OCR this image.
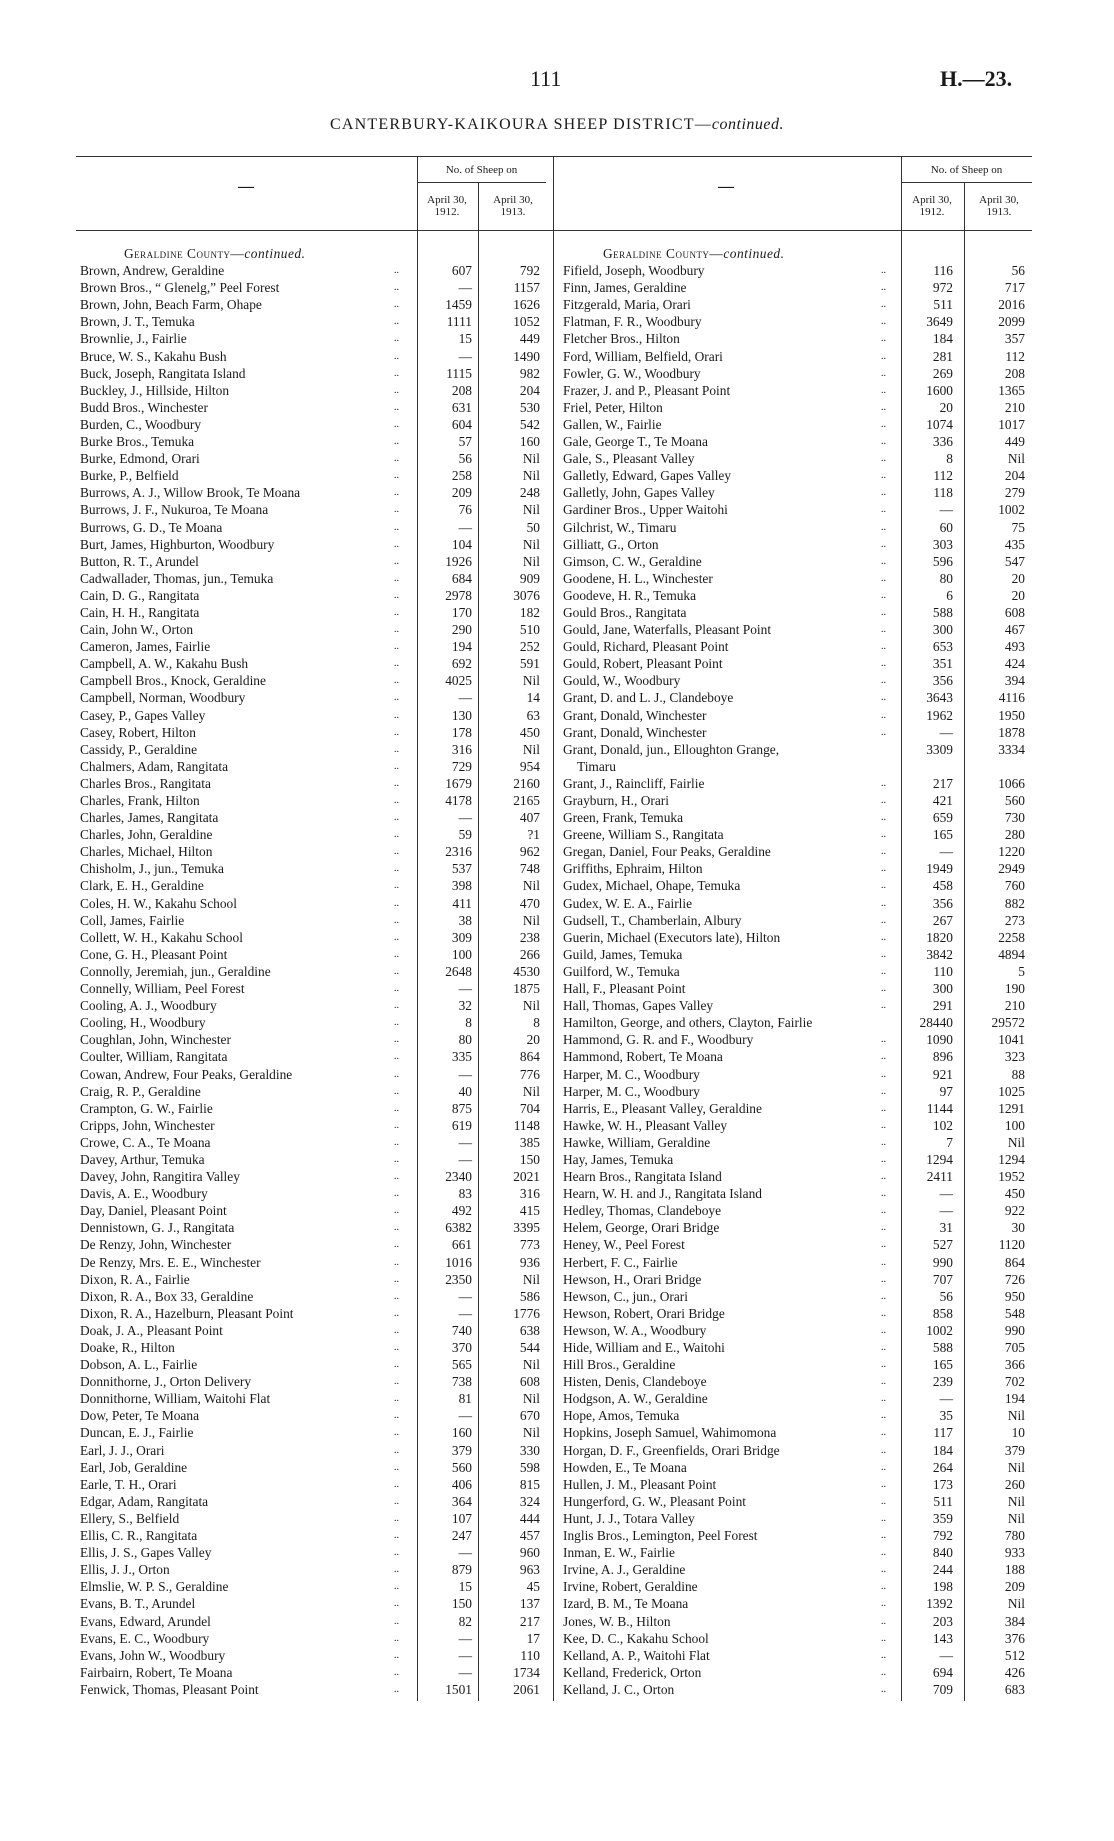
111	H.—23.
CANTERBURY-KAIKOURA SHEEP DISTRICT—continued.
—
No. of Sheep on
April 30, 1912.
April 30, 1913.
—
No. of Sheep on
April 30, 1912.
April 30, 1913.
Geraldine County—continued.
Brown, Andrew, Geraldine	..	607	792
Brown Bros., “ Glenelg,” Peel Forest	..	—	1157
Brown, John, Beach Farm, Ohape	..	1459	1626
Brown, J. T., Temuka	..	1111	1052
Brownlie, J., Fairlie	..	15	449
Bruce, W. S., Kakahu Bush	..	—	1490
Buck, Joseph, Rangitata Island	..	1115	982
Buckley, J., Hillside, Hilton	..	208	204
Budd Bros., Winchester	..	631	530
Burden, C., Woodbury	..	604	542
Burke Bros., Temuka	..	57	160
Burke, Edmond, Orari	..	56	Nil
Burke, P., Belfield	..	258	Nil
Burrows, A. J., Willow Brook, Te Moana	..	209	248
Burrows, J. F., Nukuroa, Te Moana	..	76	Nil
Burrows, G. D., Te Moana	..	—	50
Burt, James, Highburton, Woodbury	..	104	Nil
Button, R. T., Arundel	..	1926	Nil
Cadwallader, Thomas, jun., Temuka	..	684	909
Cain, D. G., Rangitata	..	2978	3076
Cain, H. H., Rangitata	..	170	182
Cain, John W., Orton	..	290	510
Cameron, James, Fairlie	..	194	252
Campbell, A. W., Kakahu Bush	..	692	591
Campbell Bros., Knock, Geraldine	..	4025	Nil
Campbell, Norman, Woodbury	..	—	14
Casey, P., Gapes Valley	..	130	63
Casey, Robert, Hilton	..	178	450
Cassidy, P., Geraldine	..	316	Nil
Chalmers, Adam, Rangitata	..	729	954
Charles Bros., Rangitata	..	1679	2160
Charles, Frank, Hilton	..	4178	2165
Charles, James, Rangitata	..	—	407
Charles, John, Geraldine	..	59	?1
Charles, Michael, Hilton	..	2316	962
Chisholm, J., jun., Temuka	..	537	748
Clark, E. H., Geraldine	..	398	Nil
Coles, H. W., Kakahu School	..	411	470
Coll, James, Fairlie	..	38	Nil
Collett, W. H., Kakahu School	..	309	238
Cone, G. H., Pleasant Point	..	100	266
Connolly, Jeremiah, jun., Geraldine	..	2648	4530
Connelly, William, Peel Forest	..	—	1875
Cooling, A. J., Woodbury	..	32	Nil
Cooling, H., Woodbury	..	8	8
Coughlan, John, Winchester	..	80	20
Coulter, William, Rangitata	..	335	864
Cowan, Andrew, Four Peaks, Geraldine	..	—	776
Craig, R. P., Geraldine	..	40	Nil
Crampton, G. W., Fairlie	..	875	704
Cripps, John, Winchester	..	619	1148
Crowe, C. A., Te Moana	..	—	385
Davey, Arthur, Temuka	..	—	150
Davey, John, Rangitira Valley	..	2340	2021
Davis, A. E., Woodbury	..	83	316
Day, Daniel, Pleasant Point	..	492	415
Dennistown, G. J., Rangitata	..	6382	3395
De Renzy, John, Winchester	..	661	773
De Renzy, Mrs. E. E., Winchester	..	1016	936
Dixon, R. A., Fairlie	..	2350	Nil
Dixon, R. A., Box 33, Geraldine	..	—	586
Dixon, R. A., Hazelburn, Pleasant Point	..	—	1776
Doak, J. A., Pleasant Point	..	740	638
Doake, R., Hilton	..	370	544
Dobson, A. L., Fairlie	..	565	Nil
Donnithorne, J., Orton Delivery	..	738	608
Donnithorne, William, Waitohi Flat	..	81	Nil
Dow, Peter, Te Moana	..	—	670
Duncan, E. J., Fairlie	..	160	Nil
Earl, J. J., Orari	..	379	330
Earl, Job, Geraldine	..	560	598
Earle, T. H., Orari	..	406	815
Edgar, Adam, Rangitata	..	364	324
Ellery, S., Belfield	..	107	444
Ellis, C. R., Rangitata	..	247	457
Ellis, J. S., Gapes Valley	..	—	960
Ellis, J. J., Orton	..	879	963
Elmslie, W. P. S., Geraldine	..	15	45
Evans, B. T., Arundel	..	150	137
Evans, Edward, Arundel	..	82	217
Evans, E. C., Woodbury	..	—	17
Evans, John W., Woodbury	..	—	110
Fairbairn, Robert, Te Moana	..	—	1734
Fenwick, Thomas, Pleasant Point	..	1501	2061
Geraldine County—continued.
Fifield, Joseph, Woodbury	..	116	56
Finn, James, Geraldine	..	972	717
Fitzgerald, Maria, Orari	..	511	2016
Flatman, F. R., Woodbury	..	3649	2099
Fletcher Bros., Hilton	..	184	357
Ford, William, Belfield, Orari	..	281	112
Fowler, G. W., Woodbury	..	269	208
Frazer, J. and P., Pleasant Point	..	1600	1365
Friel, Peter, Hilton	..	20	210
Gallen, W., Fairlie	..	1074	1017
Gale, George T., Te Moana	..	336	449
Gale, S., Pleasant Valley	..	8	Nil
Galletly, Edward, Gapes Valley	..	112	204
Galletly, John, Gapes Valley	..	118	279
Gardiner Bros., Upper Waitohi	..	—	1002
Gilchrist, W., Timaru	..	60	75
Gilliatt, G., Orton	..	303	435
Gimson, C. W., Geraldine	..	596	547
Goodene, H. L., Winchester	..	80	20
Goodeve, H. R., Temuka	..	6	20
Gould Bros., Rangitata	..	588	608
Gould, Jane, Waterfalls, Pleasant Point	..	300	467
Gould, Richard, Pleasant Point	..	653	493
Gould, Robert, Pleasant Point	..	351	424
Gould, W., Woodbury	..	356	394
Grant, D. and L. J., Clandeboye	..	3643	4116
Grant, Donald, Winchester	..	1962	1950
Grant, Donald, Winchester	..	—	1878
Grant, Donald, jun., Elloughton Grange,	3309	3334
Timaru
Grant, J., Raincliff, Fairlie	..	217	1066
Grayburn, H., Orari	..	421	560
Green, Frank, Temuka	..	659	730
Greene, William S., Rangitata	..	165	280
Gregan, Daniel, Four Peaks, Geraldine	..	—	1220
Griffiths, Ephraim, Hilton	..	1949	2949
Gudex, Michael, Ohape, Temuka	..	458	760
Gudex, W. E. A., Fairlie	..	356	882
Gudsell, T., Chamberlain, Albury	..	267	273
Guerin, Michael (Executors late), Hilton	..	1820	2258
Guild, James, Temuka	..	3842	4894
Guilford, W., Temuka	..	110	5
Hall, F., Pleasant Point	..	300	190
Hall, Thomas, Gapes Valley	..	291	210
Hamilton, George, and others, Clayton, Fairlie	28440	29572
Hammond, G. R. and F., Woodbury	..	1090	1041
Hammond, Robert, Te Moana	..	896	323
Harper, M. C., Woodbury	..	921	88
Harper, M. C., Woodbury	..	97	1025
Harris, E., Pleasant Valley, Geraldine	..	1144	1291
Hawke, W. H., Pleasant Valley	..	102	100
Hawke, William, Geraldine	..	7	Nil
Hay, James, Temuka	..	1294	1294
Hearn Bros., Rangitata Island	..	2411	1952
Hearn, W. H. and J., Rangitata Island	..	—	450
Hedley, Thomas, Clandeboye	..	—	922
Helem, George, Orari Bridge	..	31	30
Heney, W., Peel Forest	..	527	1120
Herbert, F. C., Fairlie	..	990	864
Hewson, H., Orari Bridge	..	707	726
Hewson, C., jun., Orari	..	56	950
Hewson, Robert, Orari Bridge	..	858	548
Hewson, W. A., Woodbury	..	1002	990
Hide, William and E., Waitohi	..	588	705
Hill Bros., Geraldine	..	165	366
Histen, Denis, Clandeboye	..	239	702
Hodgson, A. W., Geraldine	..	—	194
Hope, Amos, Temuka	..	35	Nil
Hopkins, Joseph Samuel, Wahimomona	..	117	10
Horgan, D. F., Greenfields, Orari Bridge	..	184	379
Howden, E., Te Moana	..	264	Nil
Hullen, J. M., Pleasant Point	..	173	260
Hungerford, G. W., Pleasant Point	..	511	Nil
Hunt, J. J., Totara Valley	..	359	Nil
Inglis Bros., Lemington, Peel Forest	..	792	780
Inman, E. W., Fairlie	..	840	933
Irvine, A. J., Geraldine	..	244	188
Irvine, Robert, Geraldine	..	198	209
Izard, B. M., Te Moana	..	1392	Nil
Jones, W. B., Hilton	..	203	384
Kee, D. C., Kakahu School	..	143	376
Kelland, A. P., Waitohi Flat	..	—	512
Kelland, Frederick, Orton	..	694	426
Kelland, J. C., Orton	..	709	683
